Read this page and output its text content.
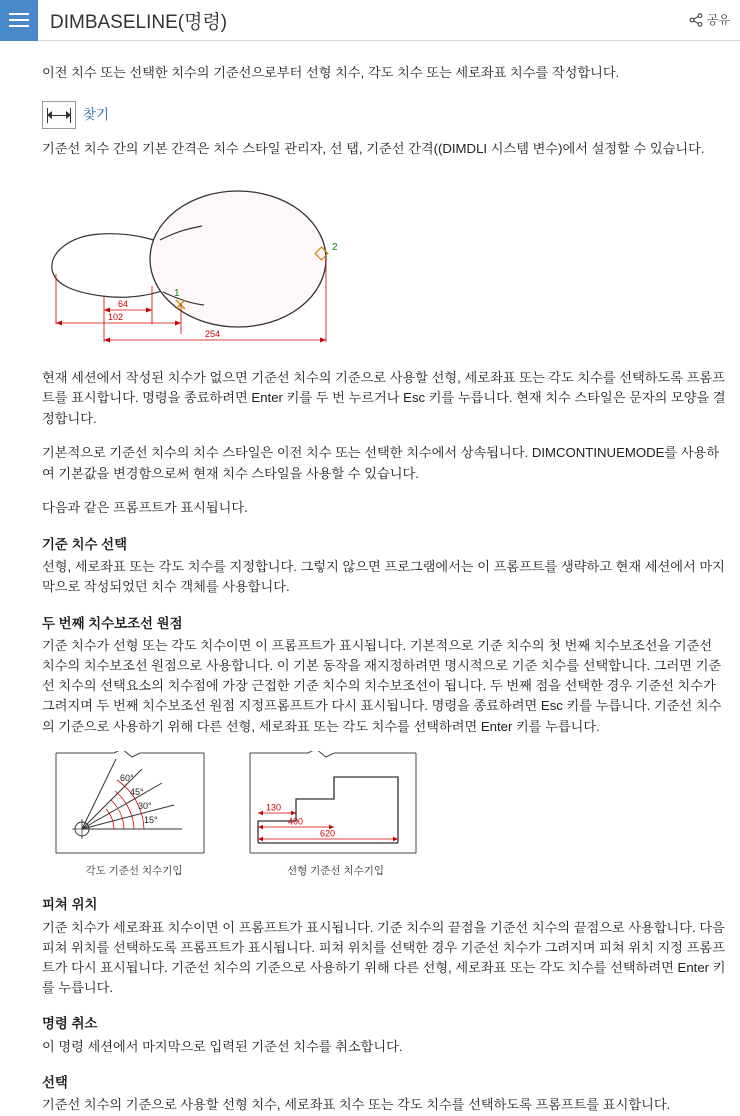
DIMBASELINE(명령)	공유

이전 치수 또는 선택한 치수의 기준선으로부터 선형 치수, 각도 치수 또는 세로좌표 치수를 작성합니다.

찾기

기준선 치수 간의 기본 간격은 치수 스타일 관리자, 선 탭, 기준선 간격((DIMDLI 시스템 변수)에서 설정할 수 있습니다.

2
1
64
102
254

현재 세션에서 작성된 치수가 없으면 기준선 치수의 기준으로 사용할 선형, 세로좌표 또는 각도 치수를 선택하도록 프롬프트를 표시합니다. 명령을 종료하려면 Enter 키를 두 번 누르거나 Esc 키를 누릅니다. 현재 치수 스타일은 문자의 모양을 결정합니다.

기본적으로 기준선 치수의 치수 스타일은 이전 치수 또는 선택한 치수에서 상속됩니다. DIMCONTINUEMODE를 사용하여 기본값을 변경함으로써 현재 치수 스타일을 사용할 수 있습니다.

다음과 같은 프롬프트가 표시됩니다.

기준 치수 선택

선형, 세로좌표 또는 각도 치수를 지정합니다. 그렇지 않으면 프로그램에서는 이 프롬프트를 생략하고 현재 세션에서 마지막으로 작성되었던 치수 객체를 사용합니다.

두 번째 치수보조선 원점

기준 치수가 선형 또는 각도 치수이면 이 프롬프트가 표시됩니다. 기본적으로 기준 치수의 첫 번째 치수보조선을 기준선 치수의 치수보조선 원점으로 사용합니다. 이 기본 동작을 재지정하려면 명시적으로 기준 치수를 선택합니다. 그러면 기준선 치수의 선택요소의 치수점에 가장 근접한 기준 치수의 치수보조선이 됩니다. 두 번째 점을 선택한 경우 기준선 치수가 그려지며 두 번째 치수보조선 원점 지정프롬프트가 다시 표시됩니다. 명령을 종료하려면 Esc 키를 누릅니다. 기준선 치수의 기준으로 사용하기 위해 다른 선형, 세로좌표 또는 각도 치수를 선택하려면 Enter 키를 누릅니다.

60°
45°
30°
15°
각도 기준선 치수기입
130
400
620
선형 기준선 치수기입
피쳐 위치

기준 치수가 세로좌표 치수이면 이 프롬프트가 표시됩니다. 기준 치수의 끝점을 기준선 치수의 끝점으로 사용합니다. 다음 피쳐 위치를 선택하도록 프롬프트가 표시됩니다. 피쳐 위치를 선택한 경우 기준선 치수가 그려지며 피쳐 위치 지정 프롬프트가 다시 표시됩니다. 기준선 치수의 기준으로 사용하기 위해 다른 선형, 세로좌표 또는 각도 치수를 선택하려면 Enter 키를 누릅니다.

명령 취소

이 명령 세션에서 마지막으로 입력된 기준선 치수를 취소합니다.

선택

기준선 치수의 기준으로 사용할 선형 치수, 세로좌표 치수 또는 각도 치수를 선택하도록 프롬프트를 표시합니다.
